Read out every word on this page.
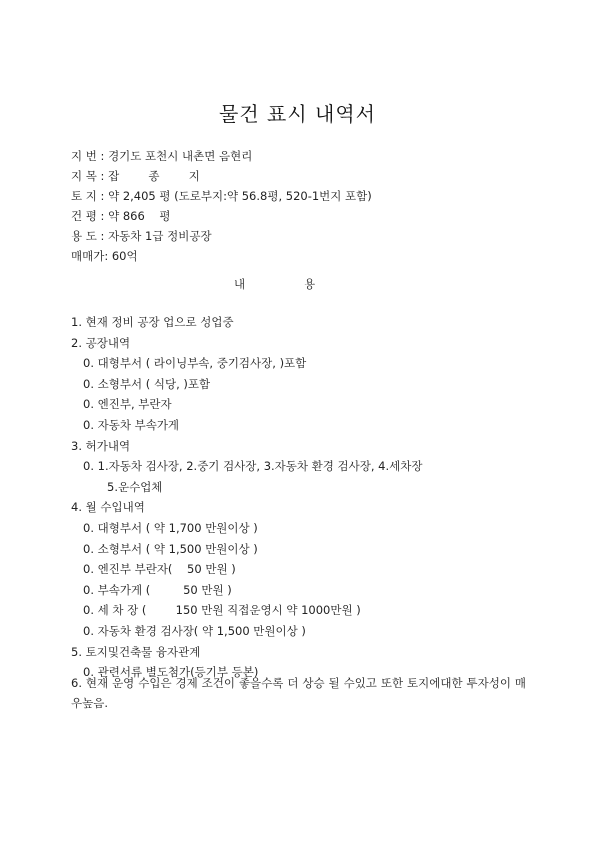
물건 표시 내역서
지 번 : 경기도 포천시 내촌면 음현리
지 목 : 잡        종        지
토 지 : 약 2,405 평 (도로부지:약 56.8평, 520-1번지 포함)
건 평 : 약 866    평
용 도 : 자동차 1급 정비공장
매매가: 60억
내	용
1. 현재 정비 공장 업으로 성업중
2. 공장내역
0. 대형부서 ( 라이닝부속, 중기검사장, )포함
0. 소형부서 ( 식당, )포함
0. 엔진부, 부란자
0. 자동차 부속가게
3. 허가내역
0. 1.자동차 검사장, 2.중기 검사장, 3.자동차 환경 검사장, 4.세차장
5.운수업체
4. 월 수입내역
0. 대형부서 ( 약 1,700 만원이상 )
0. 소형부서 ( 약 1,500 만원이상 )
0. 엔진부 부란자(    50 만원 )
0. 부속가게 (         50 만원 )
0. 세 차 장 (        150 만원 직접운영시 약 1000만원 )
0. 자동차 환경 검사장( 약 1,500 만원이상 )
5. 토지및건축물 융자관계
0. 관련서류 별도첨가(등기부 등본)
6. 현재 운영 수입은 경제 조건이 좋을수록 더 상승 될 수있고 또한 토지에대한 투자성이 매우높음.
